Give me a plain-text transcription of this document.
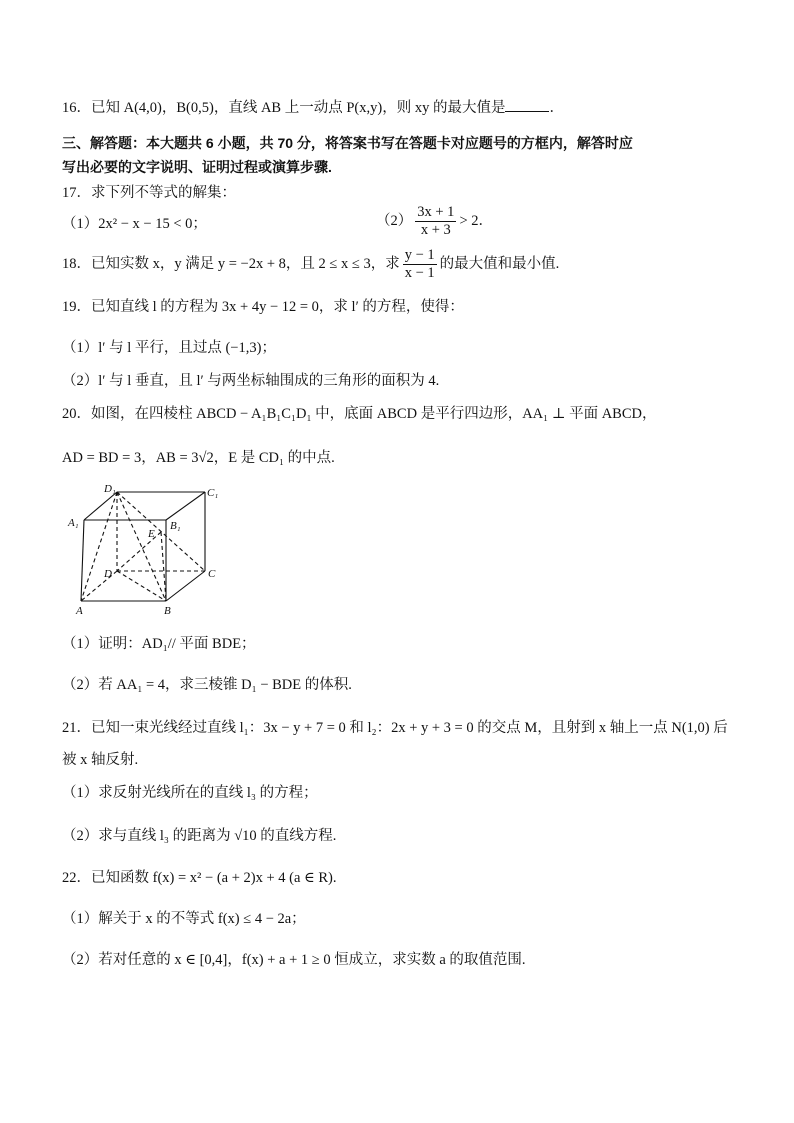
16．已知 A(4,0)，B(0,5)，直线 AB 上一动点 P(x,y)，则 xy 的最大值是	．
三、解答题：本大题共 6 小题，共 70 分，将答案书写在答题卡对应题号的方框内，解答时应
写出必要的文字说明、证明过程或演算步骤.
17．求下列不等式的解集：
（1）2x² − x − 15 < 0；	$(2) \frac{3x + 1}{x + 3} > 2$．
18．已知实数 x，y 满足 y = −2x + 8，且 2 ≤ x ≤ 3，求 $\frac{y - 1}{x - 1}$ 的最大值和最小值.
19．已知直线 l 的方程为 3x + 4y − 12 = 0，求 l′ 的方程，使得：
（1）l′ 与 l 平行，且过点 (−1,3)；
（2）l′ 与 l 垂直，且 l′ 与两坐标轴围成的三角形的面积为 4.
20．如图，在四棱柱 ABCD − A₁B₁C₁D₁ 中，底面 ABCD 是平行四边形，AA₁ ⊥ 平面 ABCD，
AD = BD = 3，AB = 3√2，E 是 CD₁ 的中点.
D₁	C₁
A₁	B₁
E
D	C
A	B
（1）证明：AD₁// 平面 BDE；
（2）若 AA₁ = 4，求三棱锥 D₁ − BDE 的体积.
21．已知一束光线经过直线 l₁：3x − y + 7 = 0 和 l₂：2x + y + 3 = 0 的交点 M，且射到 x 轴上一点 N(1,0) 后
被 x 轴反射.
（1）求反射光线所在的直线 l₃ 的方程；
（2）求与直线 l₃ 的距离为 √10 的直线方程.
22．已知函数 f(x) = x² − (a + 2)x + 4 (a ∈ R).
（1）解关于 x 的不等式 f(x) ≤ 4 − 2a；
（2）若对任意的 x ∈ [0,4]，f(x) + a + 1 ≥ 0 恒成立，求实数 a 的取值范围.
